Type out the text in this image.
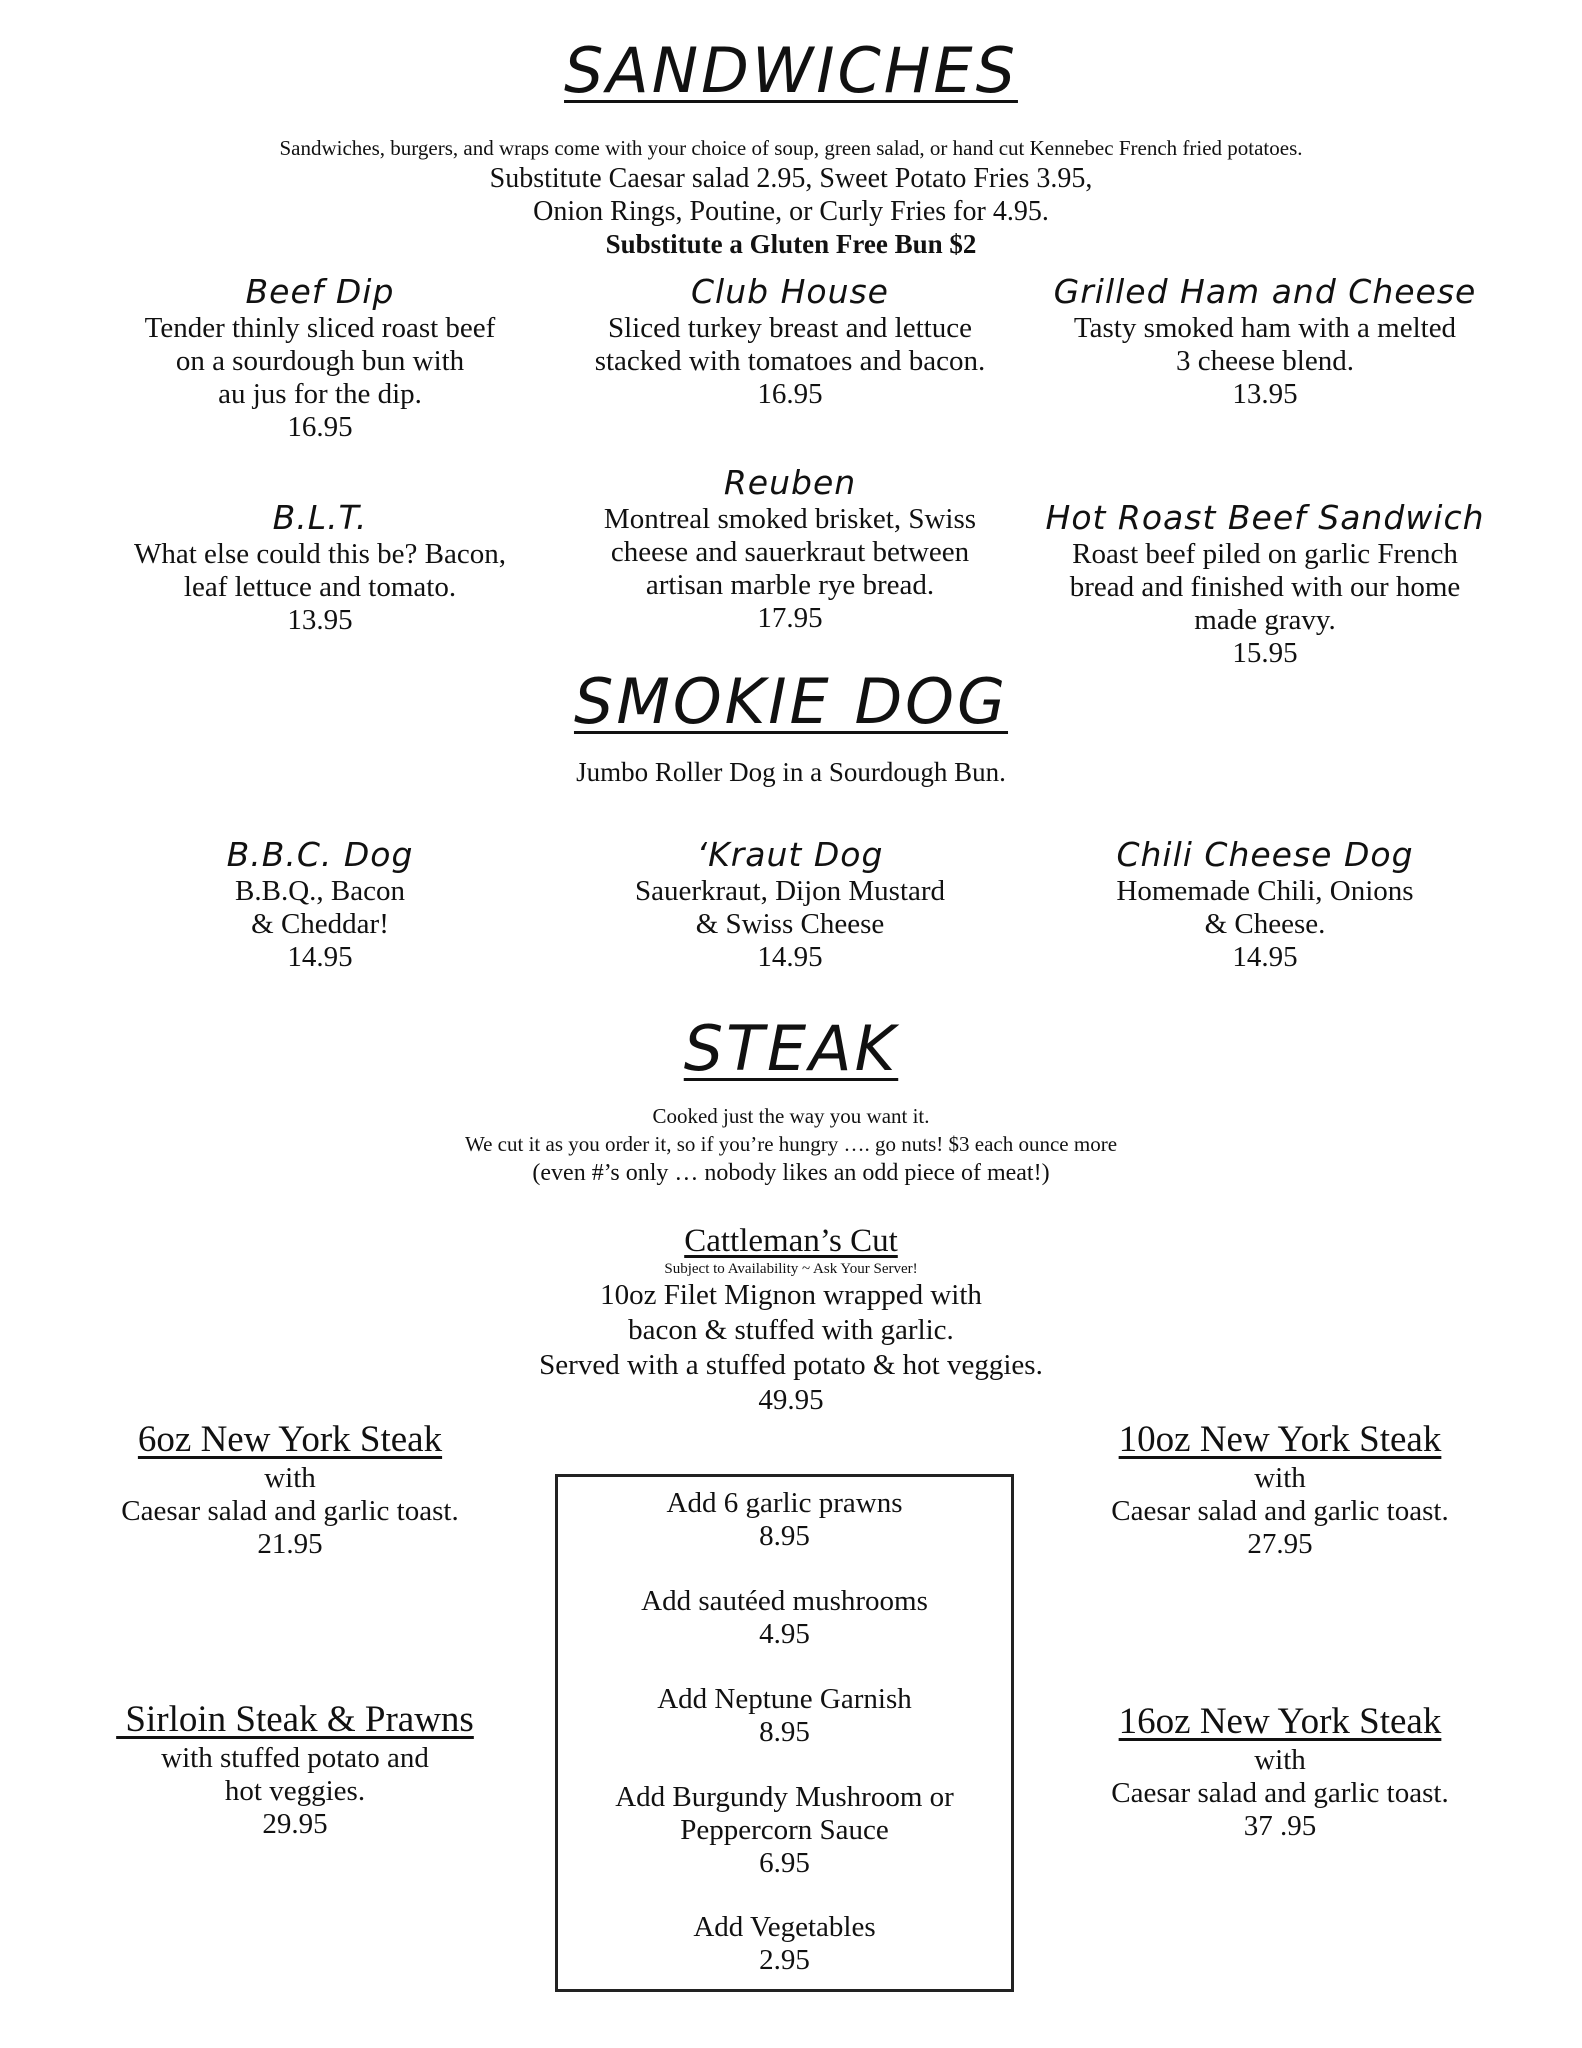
SANDWICHES
Sandwiches, burgers, and wraps come with your choice of soup, green salad, or hand cut Kennebec French fried potatoes.
Substitute Caesar salad 2.95, Sweet Potato Fries 3.95,
Onion Rings, Poutine, or Curly Fries for 4.95.
Substitute a Gluten Free Bun $2
Beef Dip
Tender thinly sliced roast beef
on a sourdough bun with
au jus for the dip.
16.95
Club House
Sliced turkey breast and lettuce
stacked with tomatoes and bacon.
16.95
Grilled Ham and Cheese
Tasty smoked ham with a melted
3 cheese blend.
13.95
B.L.T.
What else could this be? Bacon,
leaf lettuce and tomato.
13.95
Reuben
Montreal smoked brisket, Swiss
cheese and sauerkraut between
artisan marble rye bread.
17.95
Hot Roast Beef Sandwich
Roast beef piled on garlic French
bread and finished with our home
made gravy.
15.95
SMOKIE DOG
Jumbo Roller Dog in a Sourdough Bun.
B.B.C. Dog
B.B.Q., Bacon
& Cheddar!
14.95
‘Kraut Dog
Sauerkraut, Dijon Mustard
& Swiss Cheese
14.95
Chili Cheese Dog
Homemade Chili, Onions
& Cheese.
14.95
STEAK
Cooked just the way you want it.
We cut it as you order it, so if you’re hungry …. go nuts! $3 each ounce more
(even #’s only … nobody likes an odd piece of meat!)
Cattleman’s Cut
Subject to Availability ~ Ask Your Server!
10oz Filet Mignon wrapped with
bacon & stuffed with garlic.
Served with a stuffed potato & hot veggies.
49.95
6oz New York Steak
with
Caesar salad and garlic toast.
21.95
10oz New York Steak
with
Caesar salad and garlic toast.
27.95
Sirloin Steak & Prawns
with stuffed potato and
hot veggies.
29.95
16oz New York Steak
with
Caesar salad and garlic toast.
37 .95
Add 6 garlic prawns
8.95
Add sautéed mushrooms
4.95
Add Neptune Garnish
8.95
Add Burgundy Mushroom or
Peppercorn Sauce
6.95
Add Vegetables
2.95
